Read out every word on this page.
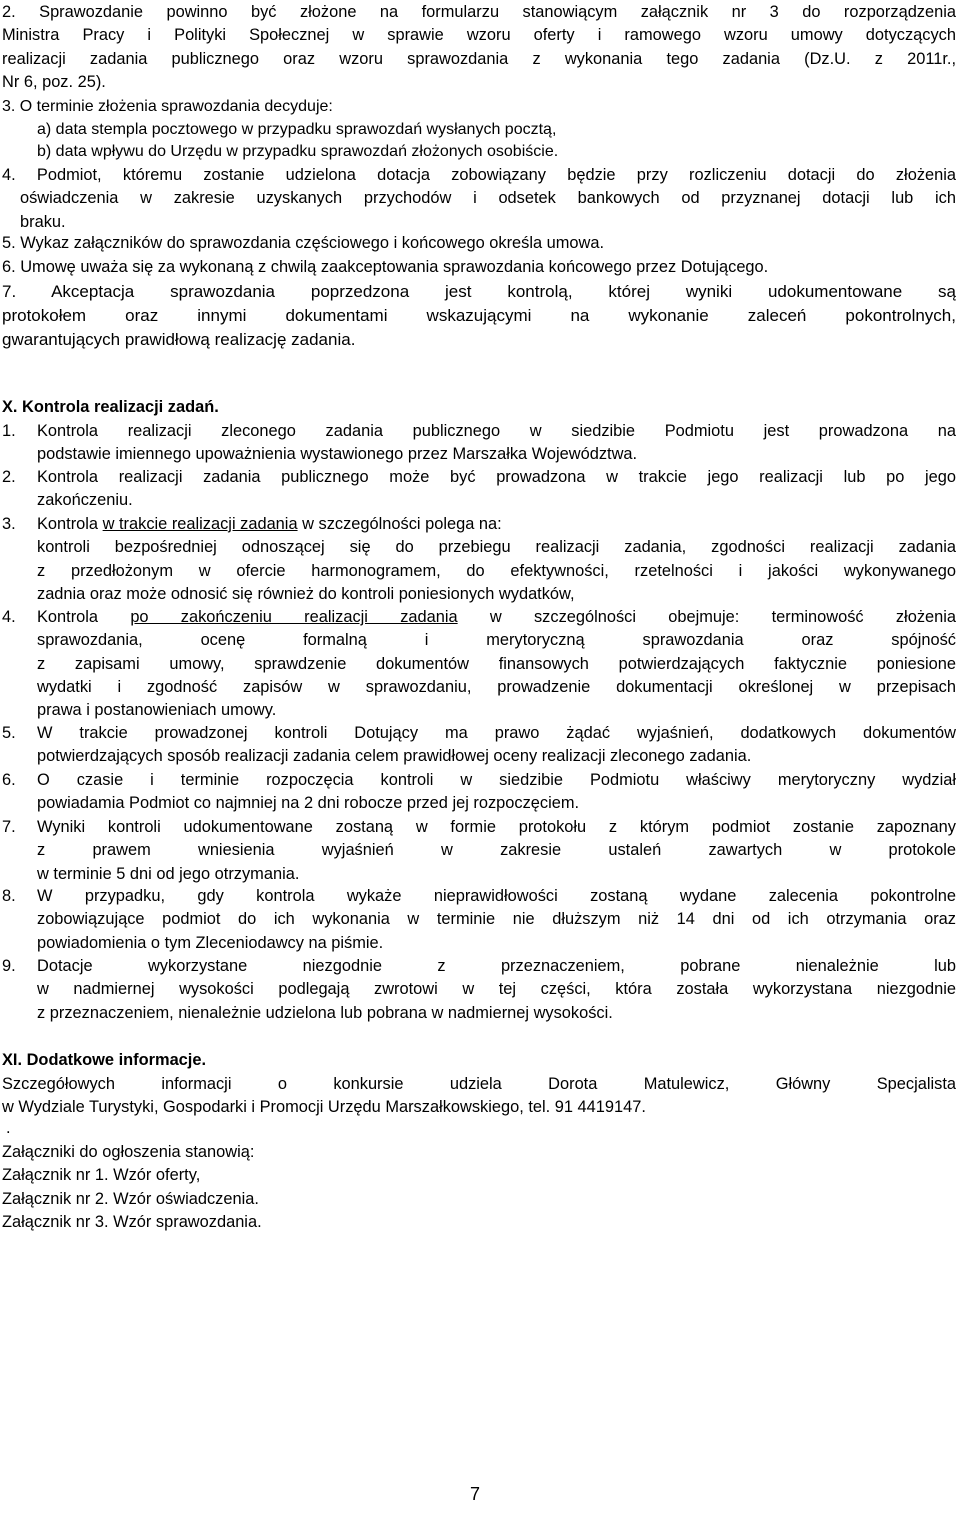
2. Sprawozdanie powinno być złożone na formularzu stanowiącym załącznik nr 3 do rozporządzenia
Ministra Pracy i Polityki Społecznej w sprawie wzoru oferty i ramowego wzoru umowy dotyczących
realizacji zadania publicznego oraz wzoru sprawozdania z wykonania tego zadania (Dz.U. z 2011r.,
Nr 6, poz. 25).
3. O terminie złożenia sprawozdania decyduje:
a) data stempla pocztowego w przypadku sprawozdań wysłanych pocztą,
b) data wpływu do Urzędu w przypadku sprawozdań złożonych osobiście.
4. Podmiot, któremu zostanie udzielona dotacja zobowiązany będzie przy rozliczeniu dotacji do złożenia
oświadczenia w zakresie uzyskanych przychodów i odsetek bankowych od przyznanej dotacji lub ich
braku.
5. Wykaz załączników do sprawozdania częściowego i końcowego określa umowa.
6. Umowę uważa się za wykonaną z chwilą zaakceptowania sprawozdania końcowego przez Dotującego.
7. Akceptacja sprawozdania poprzedzona jest kontrolą, której wyniki udokumentowane są
protokołem oraz innymi dokumentami wskazującymi na wykonanie zaleceń pokontrolnych,
gwarantujących prawidłową realizację zadania.
X. Kontrola realizacji zadań.
1. Kontrola realizacji zleconego zadania publicznego w siedzibie Podmiotu jest prowadzona na
podstawie imiennego upoważnienia wystawionego przez Marszałka Województwa.
2. Kontrola realizacji zadania publicznego może być prowadzona w trakcie jego realizacji lub po jego
zakończeniu.
3. Kontrola w trakcie realizacji zadania w szczególności polega na:
kontroli bezpośredniej odnoszącej się do przebiegu realizacji zadania, zgodności realizacji zadania
z przedłożonym w ofercie harmonogramem, do efektywności, rzetelności i jakości wykonywanego
zadnia oraz może odnosić się również do kontroli poniesionych wydatków,
4. Kontrola po zakończeniu realizacji zadania w szczególności obejmuje: terminowość złożenia
sprawozdania, ocenę formalną i merytoryczną sprawozdania oraz spójność
z zapisami umowy, sprawdzenie dokumentów finansowych potwierdzających faktycznie poniesione
wydatki i zgodność zapisów w sprawozdaniu, prowadzenie dokumentacji określonej w przepisach
prawa i postanowieniach umowy.
5. W trakcie prowadzonej kontroli Dotujący ma prawo żądać wyjaśnień, dodatkowych dokumentów
potwierdzających sposób realizacji zadania celem prawidłowej oceny realizacji zleconego zadania.
6. O czasie i terminie rozpoczęcia kontroli w siedzibie Podmiotu właściwy merytoryczny wydział
powiadamia Podmiot co najmniej na 2 dni robocze przed jej rozpoczęciem.
7. Wyniki kontroli udokumentowane zostaną w formie protokołu z którym podmiot zostanie zapoznany
z prawem wniesienia wyjaśnień w zakresie ustaleń zawartych w protokole
w terminie 5 dni od jego otrzymania.
8. W przypadku, gdy kontrola wykaże nieprawidłowości zostaną wydane zalecenia pokontrolne
zobowiązujące podmiot do ich wykonania w terminie nie dłuższym niż 14 dni od ich otrzymania oraz
powiadomienia o tym Zleceniodawcy na piśmie.
9. Dotacje wykorzystane niezgodnie z przeznaczeniem, pobrane nienależnie lub
w nadmiernej wysokości podlegają zwrotowi w tej części, która została wykorzystana niezgodnie
z przeznaczeniem, nienależnie udzielona lub pobrana w nadmiernej wysokości.
XI. Dodatkowe informacje.
Szczegółowych informacji o konkursie udziela Dorota Matulewicz, Główny Specjalista
w Wydziale Turystyki, Gospodarki i Promocji Urzędu Marszałkowskiego, tel. 91 4419147.
.
Załączniki do ogłoszenia stanowią:
Załącznik nr 1. Wzór oferty,
Załącznik nr 2. Wzór oświadczenia.
Załącznik nr 3. Wzór sprawozdania.
7
